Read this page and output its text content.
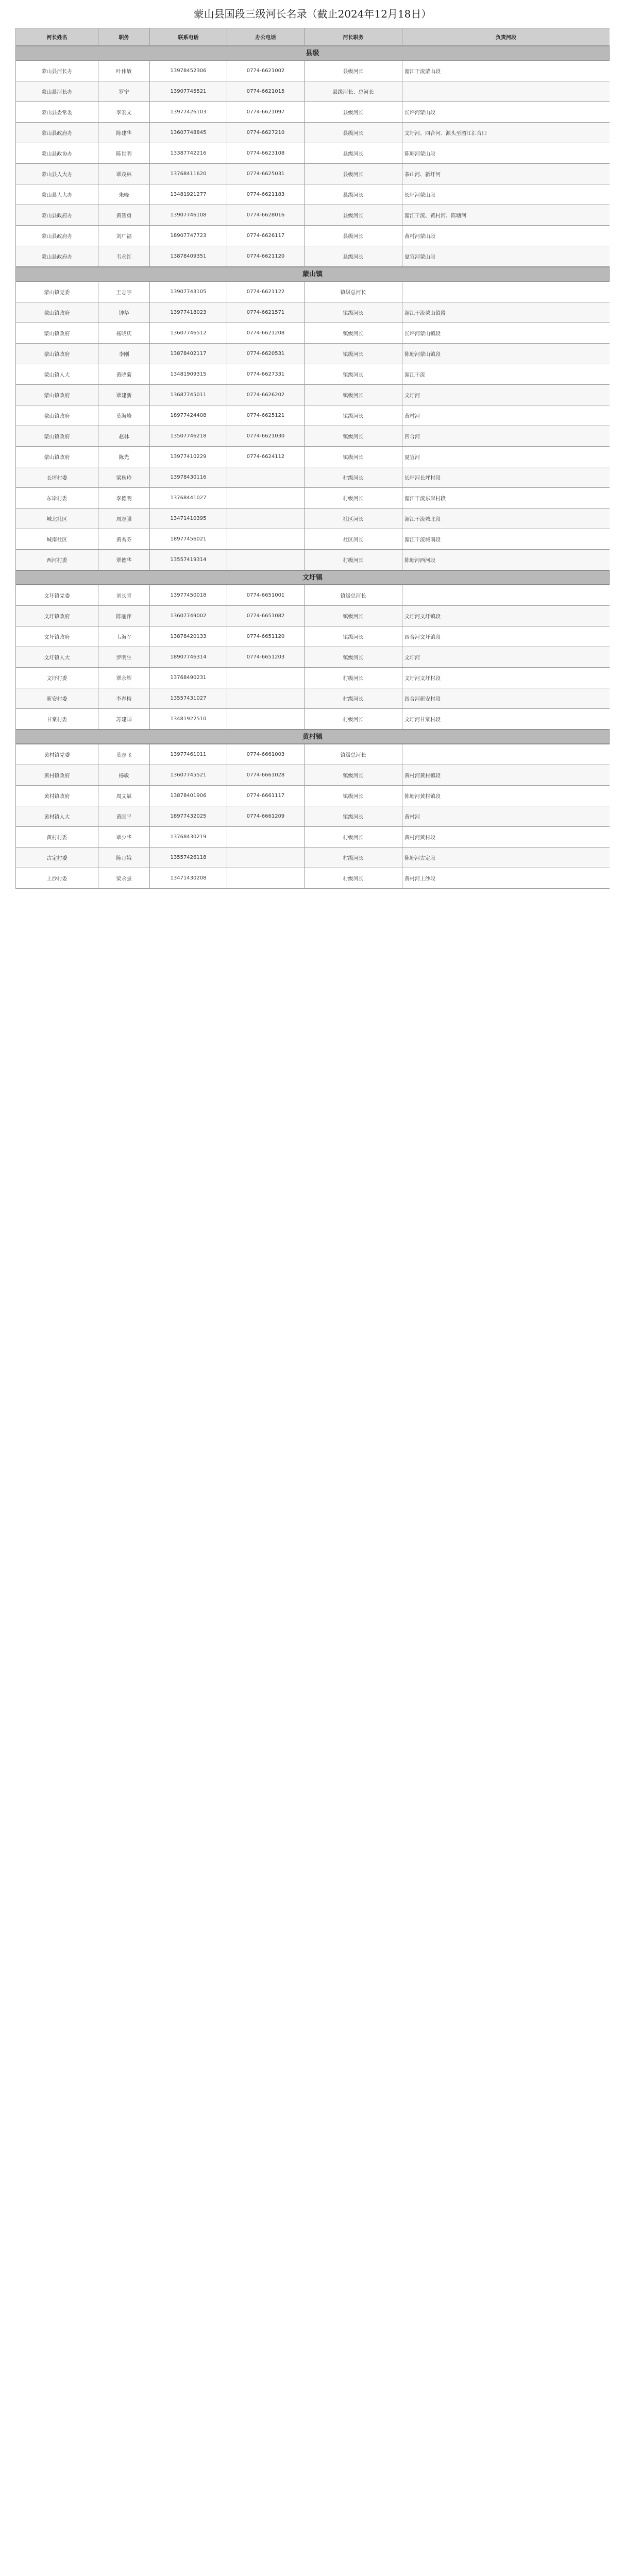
蒙山县国段三级河长名录（截止2024年12月18日）
河长姓名	职务	联系电话	办公电话	河长职务	负责河段
县级
蒙山县河长办	叶伟敏	13978452306	0774-6621002	县级河长	湄江干流蒙山段
蒙山县河长办	罗宁	13907745521	0774-6621015	县级河长、总河长	
蒙山县委常委	李宏文	13977426103	0774-6621097	县级河长	长坪河蒙山段
蒙山县政府办	陈建华	13607748845	0774-6627210	县级河长	文圩河、四合河、源头至湄江汇合口
蒙山县政协办	陈世明	13387742216	0774-6623108	县级河长	陈塘河蒙山段
蒙山县人大办	覃茂林	13768411620	0774-6625031	县级河长	茶山河、新圩河
蒙山县人大办	朱峰	13481921277	0774-6621183	县级河长	长坪河蒙山段
蒙山县政府办	黄智勇	13907746108	0774-6628016	县级河长	湄江干流、黄村河、陈塘河
蒙山县政府办	刘广福	18907747723	0774-6626117	县级河长	黄村河蒙山段
蒙山县政府办	韦永红	13878409351	0774-6621120	县级河长	夏宜河蒙山段
蒙山镇
蒙山镇党委	王志宇	13907743105	0774-6621122	镇级总河长	
蒙山镇政府	钟华	13977418023	0774-6621571	镇级河长	湄江干流蒙山镇段
蒙山镇政府	杨晓庆	13607746512	0774-6621208	镇级河长	长坪河蒙山镇段
蒙山镇政府	李刚	13878402117	0774-6620531	镇级河长	陈塘河蒙山镇段
蒙山镇人大	黄晓菊	13481909315	0774-6627331	镇级河长	湄江干流
蒙山镇政府	覃建新	13687745011	0774-6626202	镇级河长	文圩河
蒙山镇政府	莫海峰	18977424408	0774-6625121	镇级河长	黄村河
蒙山镇政府	赵林	13507746218	0774-6621030	镇级河长	四合河
蒙山镇政府	陈光	13977410229	0774-6624112	镇级河长	夏宜河
长坪村委	梁秋玲	13978430116		村级河长	长坪河长坪村段
东岸村委	李德明	13768441027		村级河长	湄江干流东岸村段
城北社区	周志强	13471410395		社区河长	湄江干流城北段
城南社区	黄秀芬	18977456021		社区河长	湄江干流城南段
西河村委	覃德华	13557419314		村级河长	陈塘河西河段
文圩镇
文圩镇党委	刘长青	13977450018	0774-6651001	镇级总河长	
文圩镇政府	陈丽萍	13607749002	0774-6651082	镇级河长	文圩河文圩镇段
文圩镇政府	韦海军	13878420133	0774-6651120	镇级河长	四合河文圩镇段
文圩镇人大	罗明生	18907746314	0774-6651203	镇级河长	文圩河
文圩村委	覃永辉	13768490231		村级河长	文圩河文圩村段
新安村委	李春梅	13557431027		村级河长	四合河新安村段
甘棠村委	苏建国	13481922510		村级河长	文圩河甘棠村段
黄村镇
黄村镇党委	莫志飞	13977461011	0774-6661003	镇级总河长	
黄村镇政府	杨敏	13607745521	0774-6661028	镇级河长	黄村河黄村镇段
黄村镇政府	周文斌	13878401906	0774-6661117	镇级河长	陈塘河黄村镇段
黄村镇人大	黄国平	18977432025	0774-6661209	镇级河长	黄村河
黄村村委	覃少华	13768430219		村级河长	黄村河黄村段
古定村委	陈月娥	13557426118		村级河长	陈塘河古定段
上沙村委	梁永强	13471430208		村级河长	黄村河上沙段
